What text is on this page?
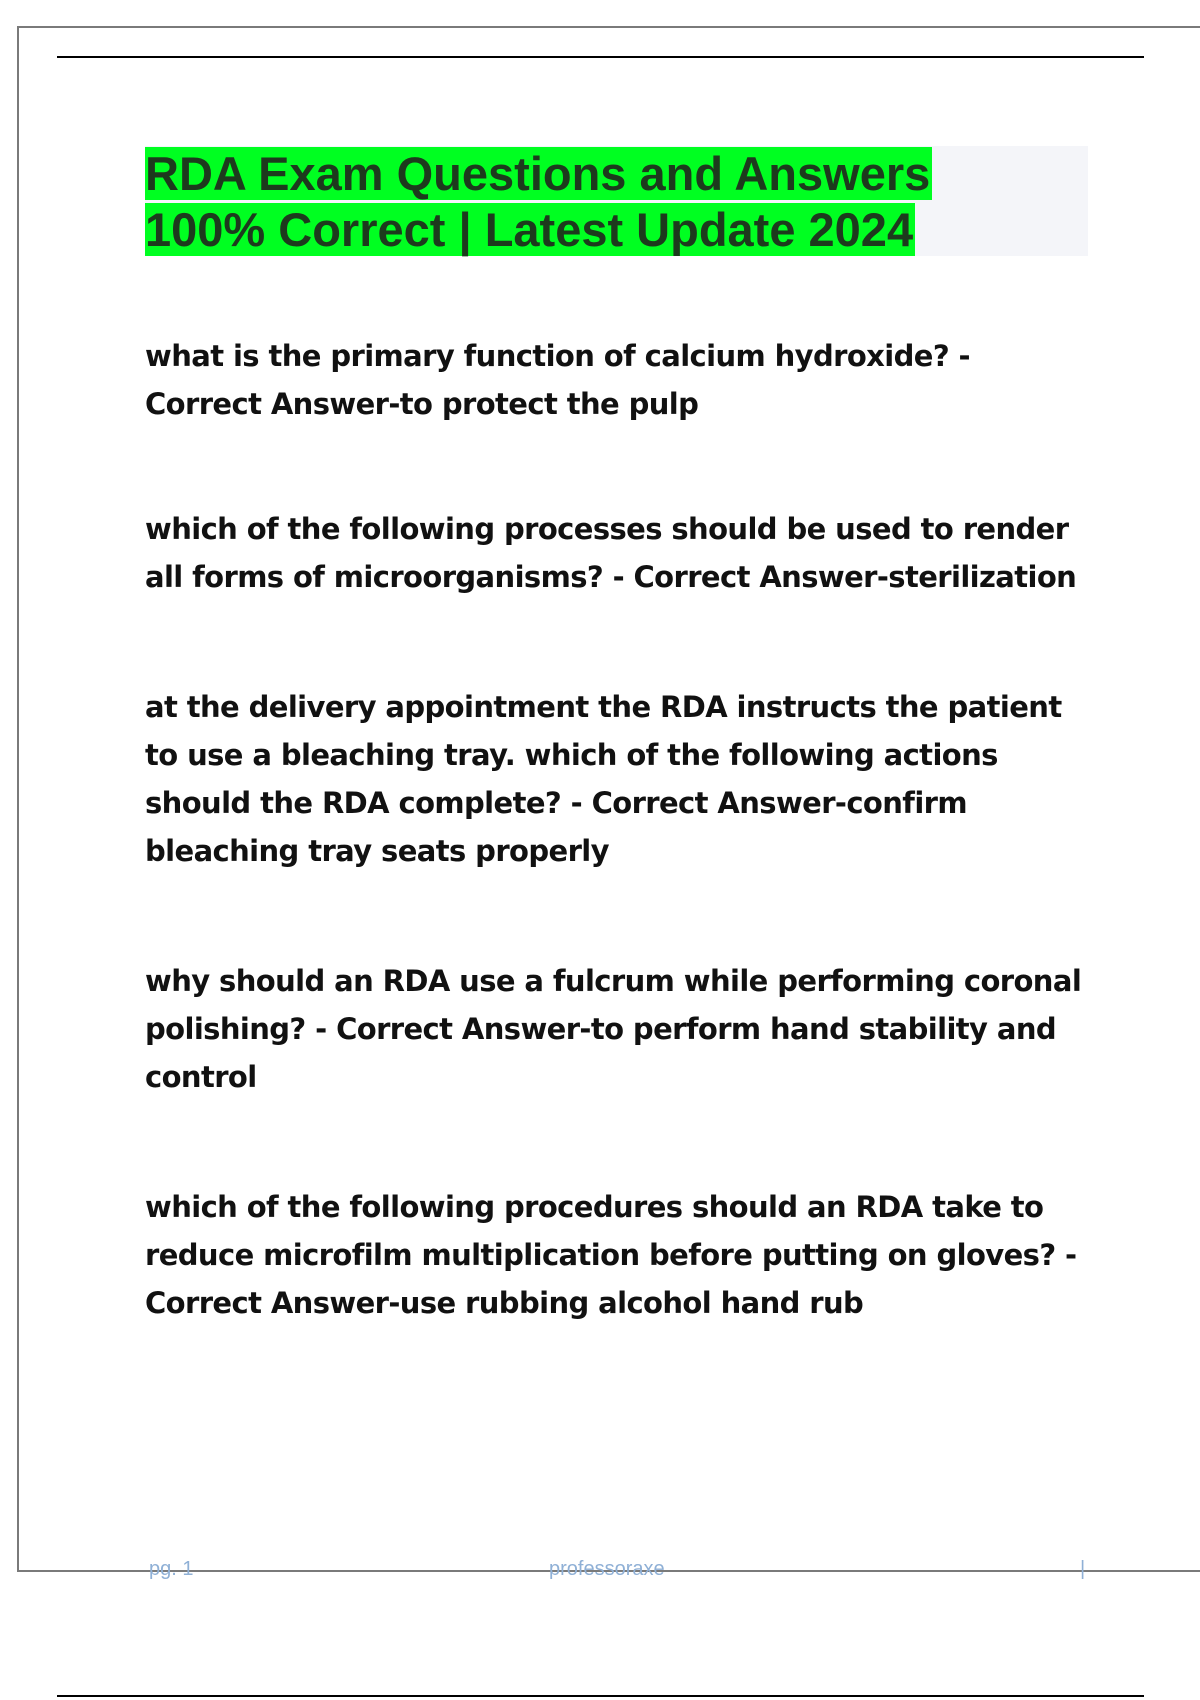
RDA Exam Questions and Answers
100% Correct | Latest Update 2024

what is the primary function of calcium hydroxide? - Correct Answer-to protect the pulp

which of the following processes should be used to render all forms of microorganisms? - Correct Answer-sterilization

at the delivery appointment the RDA instructs the patient to use a bleaching tray. which of the following actions should the RDA complete? - Correct Answer-confirm bleaching tray seats properly

why should an RDA use a fulcrum while performing coronal polishing? - Correct Answer-to perform hand stability and control

which of the following procedures should an RDA take to reduce microfilm multiplication before putting on gloves? - Correct Answer-use rubbing alcohol hand rub

pg. 1	professoraxe	|
